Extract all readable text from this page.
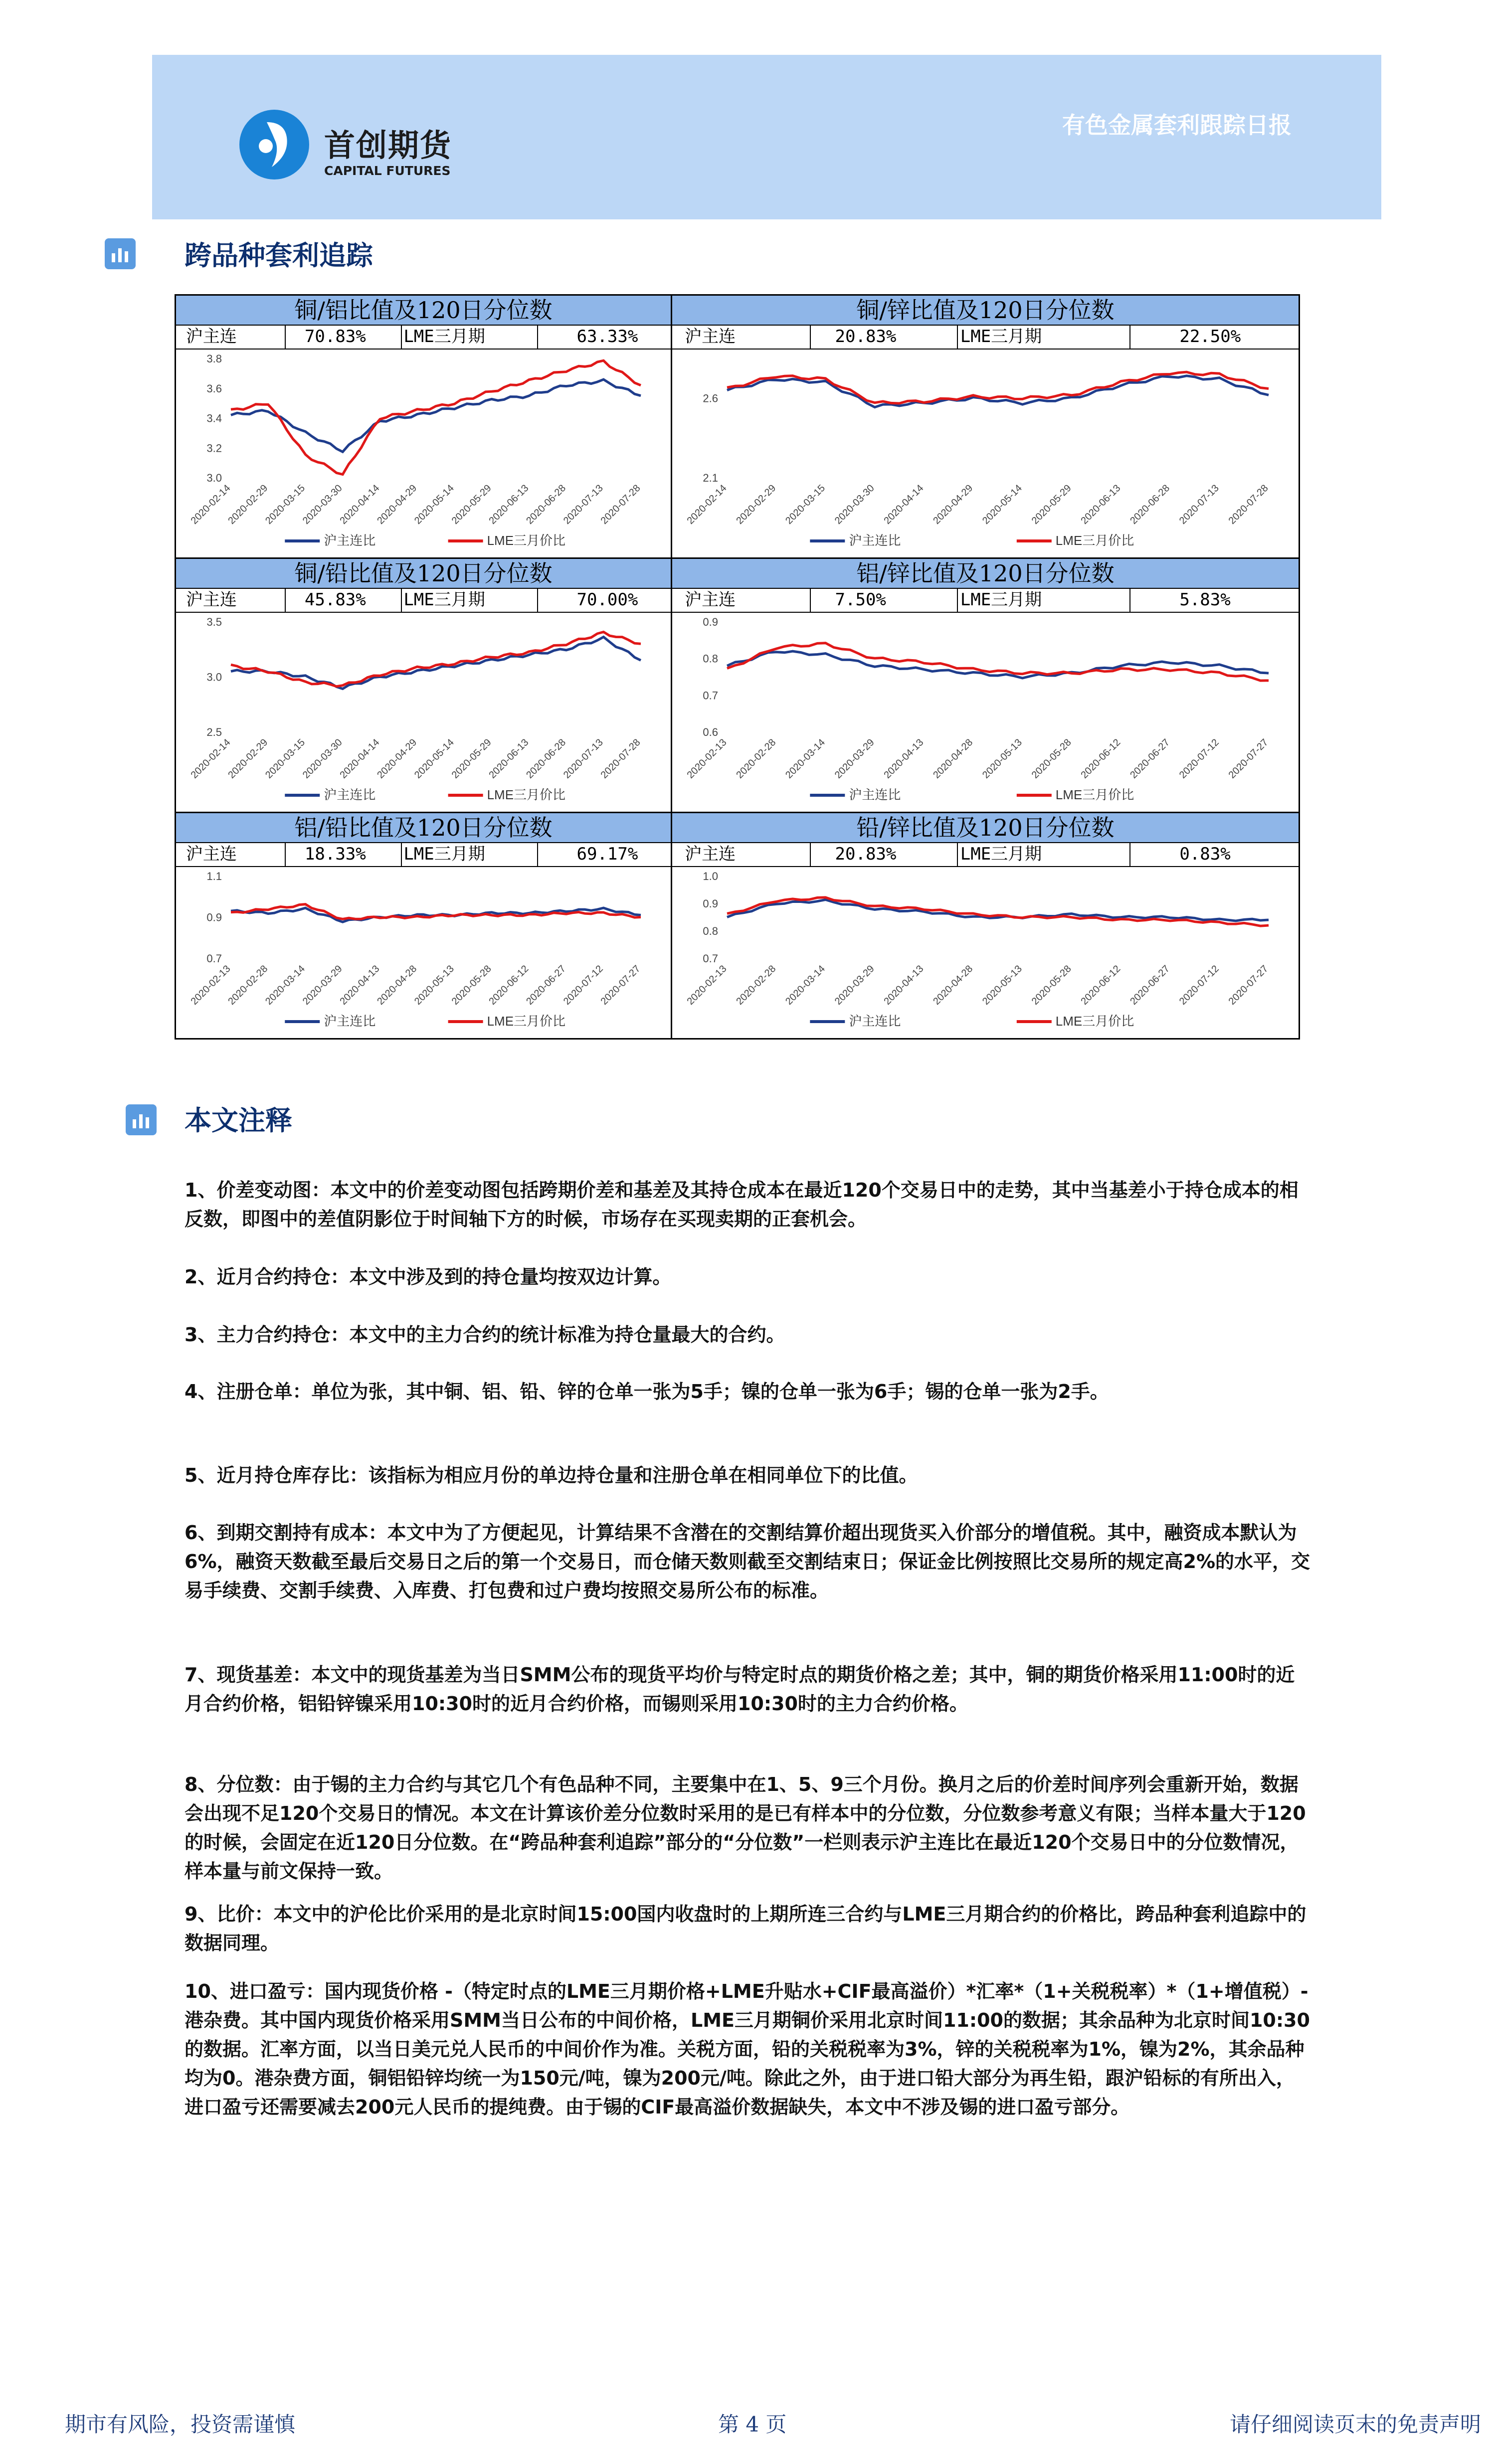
首创期货
CAPITAL FUTURES
有色金属套利跟踪日报
跨品种套利追踪
铜/铝比值及120日分位数
沪主连	70.83% LME三月期	63.33%
3.0
3.2
3.4
3.6
3.8
2020-02-14
2020-02-29
2020-03-15
2020-03-30
2020-04-14
2020-04-29
2020-05-14
2020-05-29
2020-06-13
2020-06-28
2020-07-13
2020-07-28
沪主连比	LME三月价比
铜/锌比值及120日分位数
沪主连	20.83%	LME三月期	22.50%
2.1
2.6
2020-02-14 2020-02-29 2020-03-15 2020-03-30 2020-04-14 2020-04-29 2020-05-14 2020-05-29 2020-06-13 2020-06-28 2020-07-13 2020-07-28
沪主连比	LME三月价比
铜/铅比值及120日分位数
沪主连	45.83% LME三月期	70.00%
2.5
3.0
3.5
2020-02-14
2020-02-29
2020-03-15
2020-03-30
2020-04-14
2020-04-29
2020-05-14
2020-05-29
2020-06-13
2020-06-28
2020-07-13
2020-07-28
沪主连比	LME三月价比
铝/锌比值及120日分位数
沪主连	7.50%	LME三月期	5.83%
0.6
0.7
0.8
0.9
2020-02-13 2020-02-28 2020-03-14 2020-03-29 2020-04-13 2020-04-28 2020-05-13 2020-05-28 2020-06-12 2020-06-27 2020-07-12 2020-07-27
沪主连比	LME三月价比
铝/铅比值及120日分位数
沪主连	18.33% LME三月期	69.17%
0.7
0.9
1.1
2020-02-13
2020-02-28
2020-03-14
2020-03-29
2020-04-13
2020-04-28
2020-05-13
2020-05-28
2020-06-12
2020-06-27
2020-07-12
2020-07-27
沪主连比	LME三月价比
铅/锌比值及120日分位数
沪主连	20.83%	LME三月期	0.83%
0.7
0.8
0.9
1.0
2020-02-13 2020-02-28 2020-03-14 2020-03-29 2020-04-13 2020-04-28 2020-05-13 2020-05-28 2020-06-12 2020-06-27 2020-07-12 2020-07-27
沪主连比	LME三月价比
本文注释
1、价差变动图：本文中的价差变动图包括跨期价差和基差及其持仓成本在最近120个交易日中的走势，其中当基差小于持仓成本的相反数，即图中的差值阴影位于时间轴下方的时候，市场存在买现卖期的正套机会。
2、近月合约持仓：本文中涉及到的持仓量均按双边计算。
3、主力合约持仓：本文中的主力合约的统计标准为持仓量最大的合约。
4、注册仓单：单位为张，其中铜、铝、铅、锌的仓单一张为5手；镍的仓单一张为6手；锡的仓单一张为2手。
5、近月持仓库存比：该指标为相应月份的单边持仓量和注册仓单在相同单位下的比值。
6、到期交割持有成本：本文中为了方便起见，计算结果不含潜在的交割结算价超出现货买入价部分的增值税。其中，融资成本默认为6%，融资天数截至最后交易日之后的第一个交易日，而仓储天数则截至交割结束日；保证金比例按照比交易所的规定高2%的水平，交易手续费、交割手续费、入库费、打包费和过户费均按照交易所公布的标准。
7、现货基差：本文中的现货基差为当日SMM公布的现货平均价与特定时点的期货价格之差；其中，铜的期货价格采用11:00时的近月合约价格，铝铅锌镍采用10:30时的近月合约价格，而锡则采用10:30时的主力合约价格。
8、分位数：由于锡的主力合约与其它几个有色品种不同，主要集中在1、5、9三个月份。换月之后的价差时间序列会重新开始，数据会出现不足120个交易日的情况。本文在计算该价差分位数时采用的是已有样本中的分位数，分位数参考意义有限；当样本量大于120的时候，会固定在近120日分位数。在“跨品种套利追踪”部分的“分位数”一栏则表示沪主连比在最近120个交易日中的分位数情况，样本量与前文保持一致。
9、比价：本文中的沪伦比价采用的是北京时间15:00国内收盘时的上期所连三合约与LME三月期合约的价格比，跨品种套利追踪中的数据同理。
10、进口盈亏：国内现货价格 -（特定时点的LME三月期价格+LME升贴水+CIF最高溢价）*汇率*（1+关税税率）*（1+增值税）- 港杂费。其中国内现货价格采用SMM当日公布的中间价格，LME三月期铜价采用北京时间11:00的数据；其余品种为北京时间10:30的数据。汇率方面，以当日美元兑人民币的中间价作为准。关税方面，铅的关税税率为3%，锌的关税税率为1%，镍为2%，其余品种均为0。港杂费方面，铜铝铅锌均统一为150元/吨，镍为200元/吨。除此之外，由于进口铅大部分为再生铅，跟沪铅标的有所出入，进口盈亏还需要减去200元人民币的提纯费。由于锡的CIF最高溢价数据缺失，本文中不涉及锡的进口盈亏部分。
期市有风险，投资需谨慎	第 4 页	请仔细阅读页末的免责声明
